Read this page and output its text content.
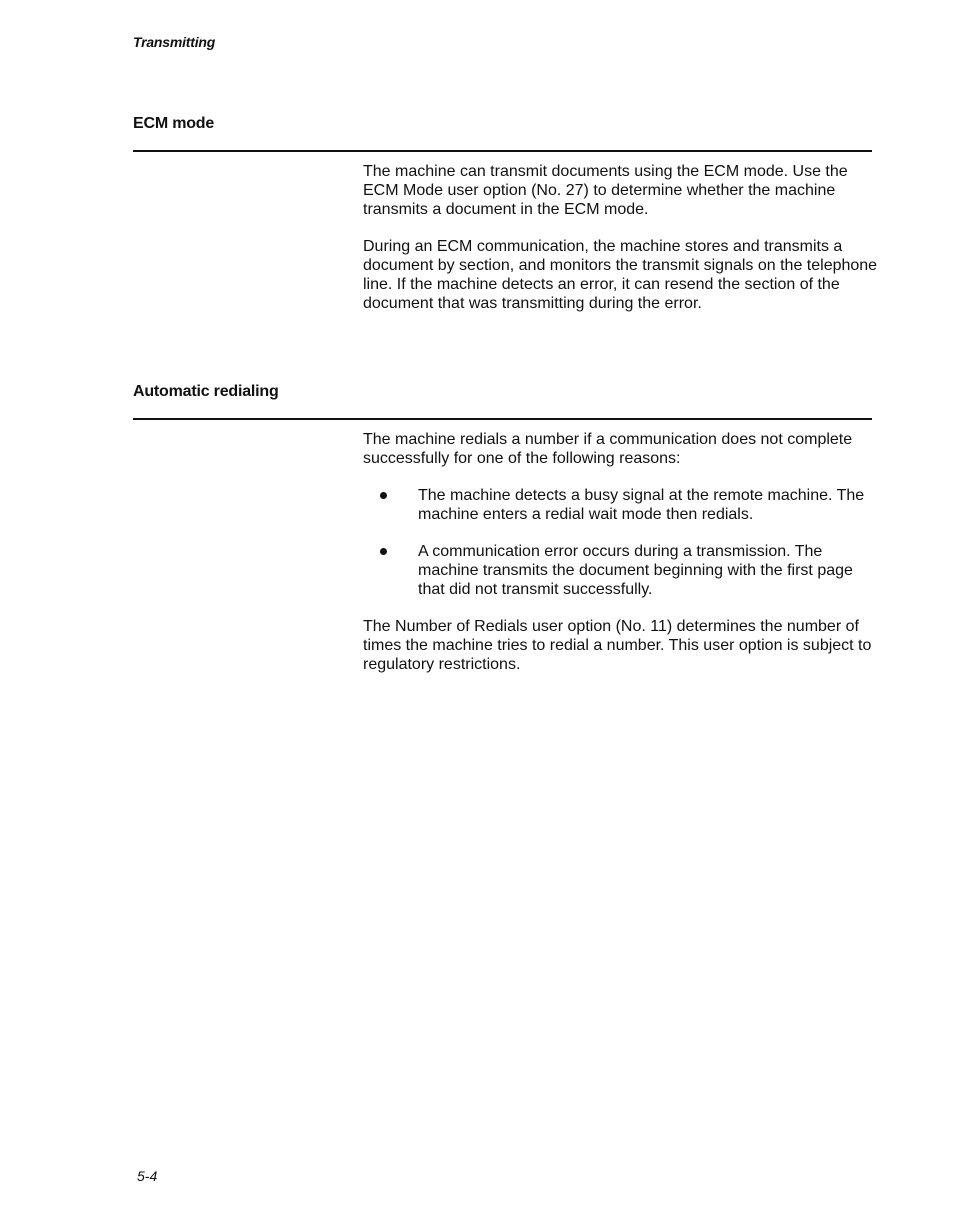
Transmitting
ECM mode

The machine can transmit documents using the ECM mode. Use the ECM Mode user option (No. 27) to determine whether the machine transmits a document in the ECM mode.

During an ECM communication, the machine stores and transmits a document by section, and monitors the transmit signals on the telephone line. If the machine detects an error, it can resend the section of the document that was transmitting during the error.

Automatic redialing

The machine redials a number if a communication does not complete successfully for one of the following reasons:

The machine detects a busy signal at the remote machine. The machine enters a redial wait mode then redials.
A communication error occurs during a transmission. The machine transmits the document beginning with the first page that did not transmit successfully.

The Number of Redials user option (No. 11) determines the number of times the machine tries to redial a number. This user option is subject to regulatory restrictions.

5-4
